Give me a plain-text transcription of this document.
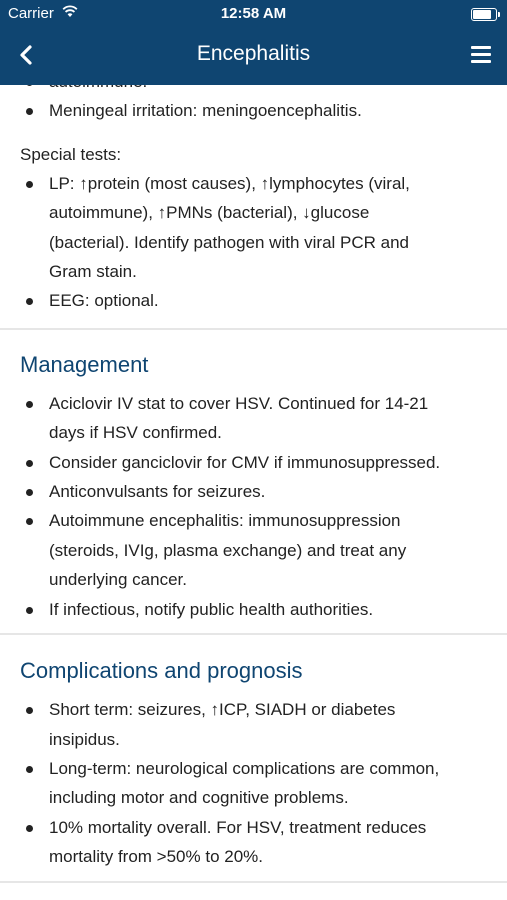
Meningeal irritation: meningoencephalitis.
Special tests:
LP: ↑protein (most causes), ↑lymphocytes (viral,
autoimmune), ↑PMNs (bacterial), ↓glucose
(bacterial). Identify pathogen with viral PCR and
Gram stain.
EEG: optional.
Management
Aciclovir IV stat to cover HSV. Continued for 14-21
days if HSV confirmed.
Consider ganciclovir for CMV if immunosuppressed.
Anticonvulsants for seizures.
Autoimmune encephalitis: immunosuppression
(steroids, IVIg, plasma exchange) and treat any
underlying cancer.
If infectious, notify public health authorities.
Complications and prognosis
Short term: seizures, ↑ICP, SIADH or diabetes
insipidus.
Long-term: neurological complications are common,
including motor and cognitive problems.
10% mortality overall. For HSV, treatment reduces
mortality from >50% to 20%.
Carrier	12:58 AM
Encephalitis
